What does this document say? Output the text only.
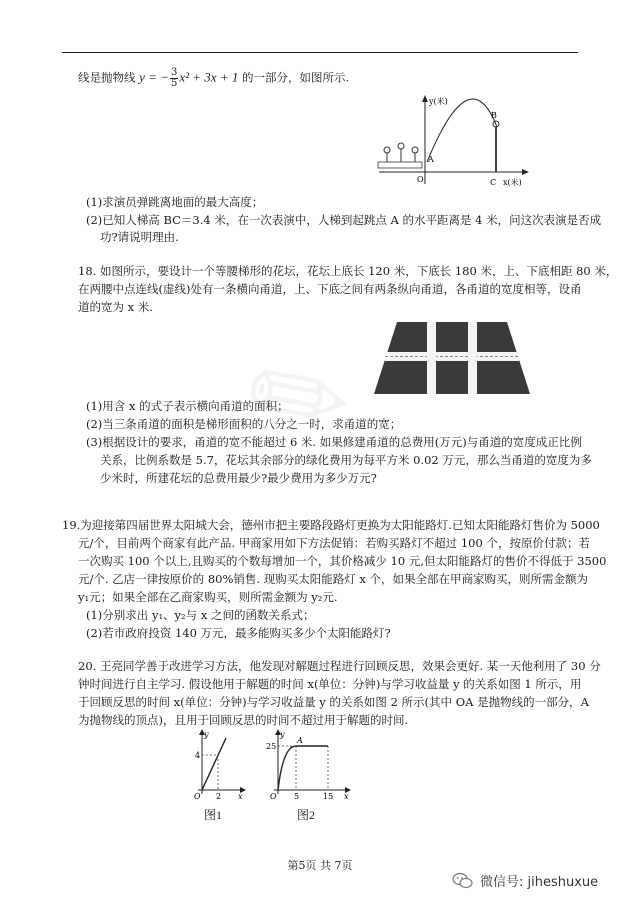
线是抛物线 y = − $\frac{3}{5} x^2 + 3x + 1$ 的一部分，如图所示.
y(米)
x(米)
O
A
B
C
(1)求演员弹跳离地面的最大高度；
(2)已知人梯高 BC＝3.4 米，在一次表演中，人梯到起跳点 A 的水平距离是 4 米，问这次表演是否成
功?请说明理由.
18. 如图所示，要设计一个等腰梯形的花坛，花坛上底长 120 米，下底长 180 米，上、下底相距 80 米，
在两腰中点连线(虚线)处有一条横向甬道，上、下底之间有两条纵向甬道，各甬道的宽度相等，设甬
道的宽为 x 米.
(1)用含 x 的式子表示横向甬道的面积；
(2)当三条甬道的面积是梯形面积的八分之一时，求甬道的宽；
(3)根据设计的要求，甬道的宽不能超过 6 米. 如果修建甬道的总费用(万元)与甬道的宽度成正比例
关系，比例系数是 5.7，花坛其余部分的绿化费用为每平方米 0.02 万元，那么当甬道的宽度为多
少米时，所建花坛的总费用最少?最少费用为多少万元?
19.为迎接第四届世界太阳城大会，德州市把主要路段路灯更换为太阳能路灯.已知太阳能路灯售价为 5000
元/个，目前两个商家有此产品. 甲商家用如下方法促销：若购买路灯不超过 100 个，按原价付款；若
一次购买 100 个以上,且购买的个数每增加一个，其价格减少 10 元,但太阳能路灯的售价不得低于 3500
元/个. 乙店一律按原价的 80%销售. 现购买太阳能路灯 x 个，如果全部在甲商家购买，则所需金额为
y₁元；如果全部在乙商家购买，则所需金额为 y₂元.
(1)分别求出 y₁、y₂与 x 之间的函数关系式；
(2)若市政府投资 140 万元，最多能购买多少个太阳能路灯?
20. 王亮同学善于改进学习方法，他发现对解题过程进行回顾反思，效果会更好. 某一天他利用了 30 分
钟时间进行自主学习. 假设他用于解题的时间 x(单位：分钟)与学习收益量 y 的关系如图 1 所示，用
于回顾反思的时间 x(单位：分钟)与学习收益量 y 的关系如图 2 所示(其中 OA 是抛物线的一部分，A
为抛物线的顶点)，且用于回顾反思的时间不超过用于解题的时间.
y
x
O
4
2
图1
y
x
O
A
25
5	15
图2
第5页 共 7页
微信号: jiheshuxue
